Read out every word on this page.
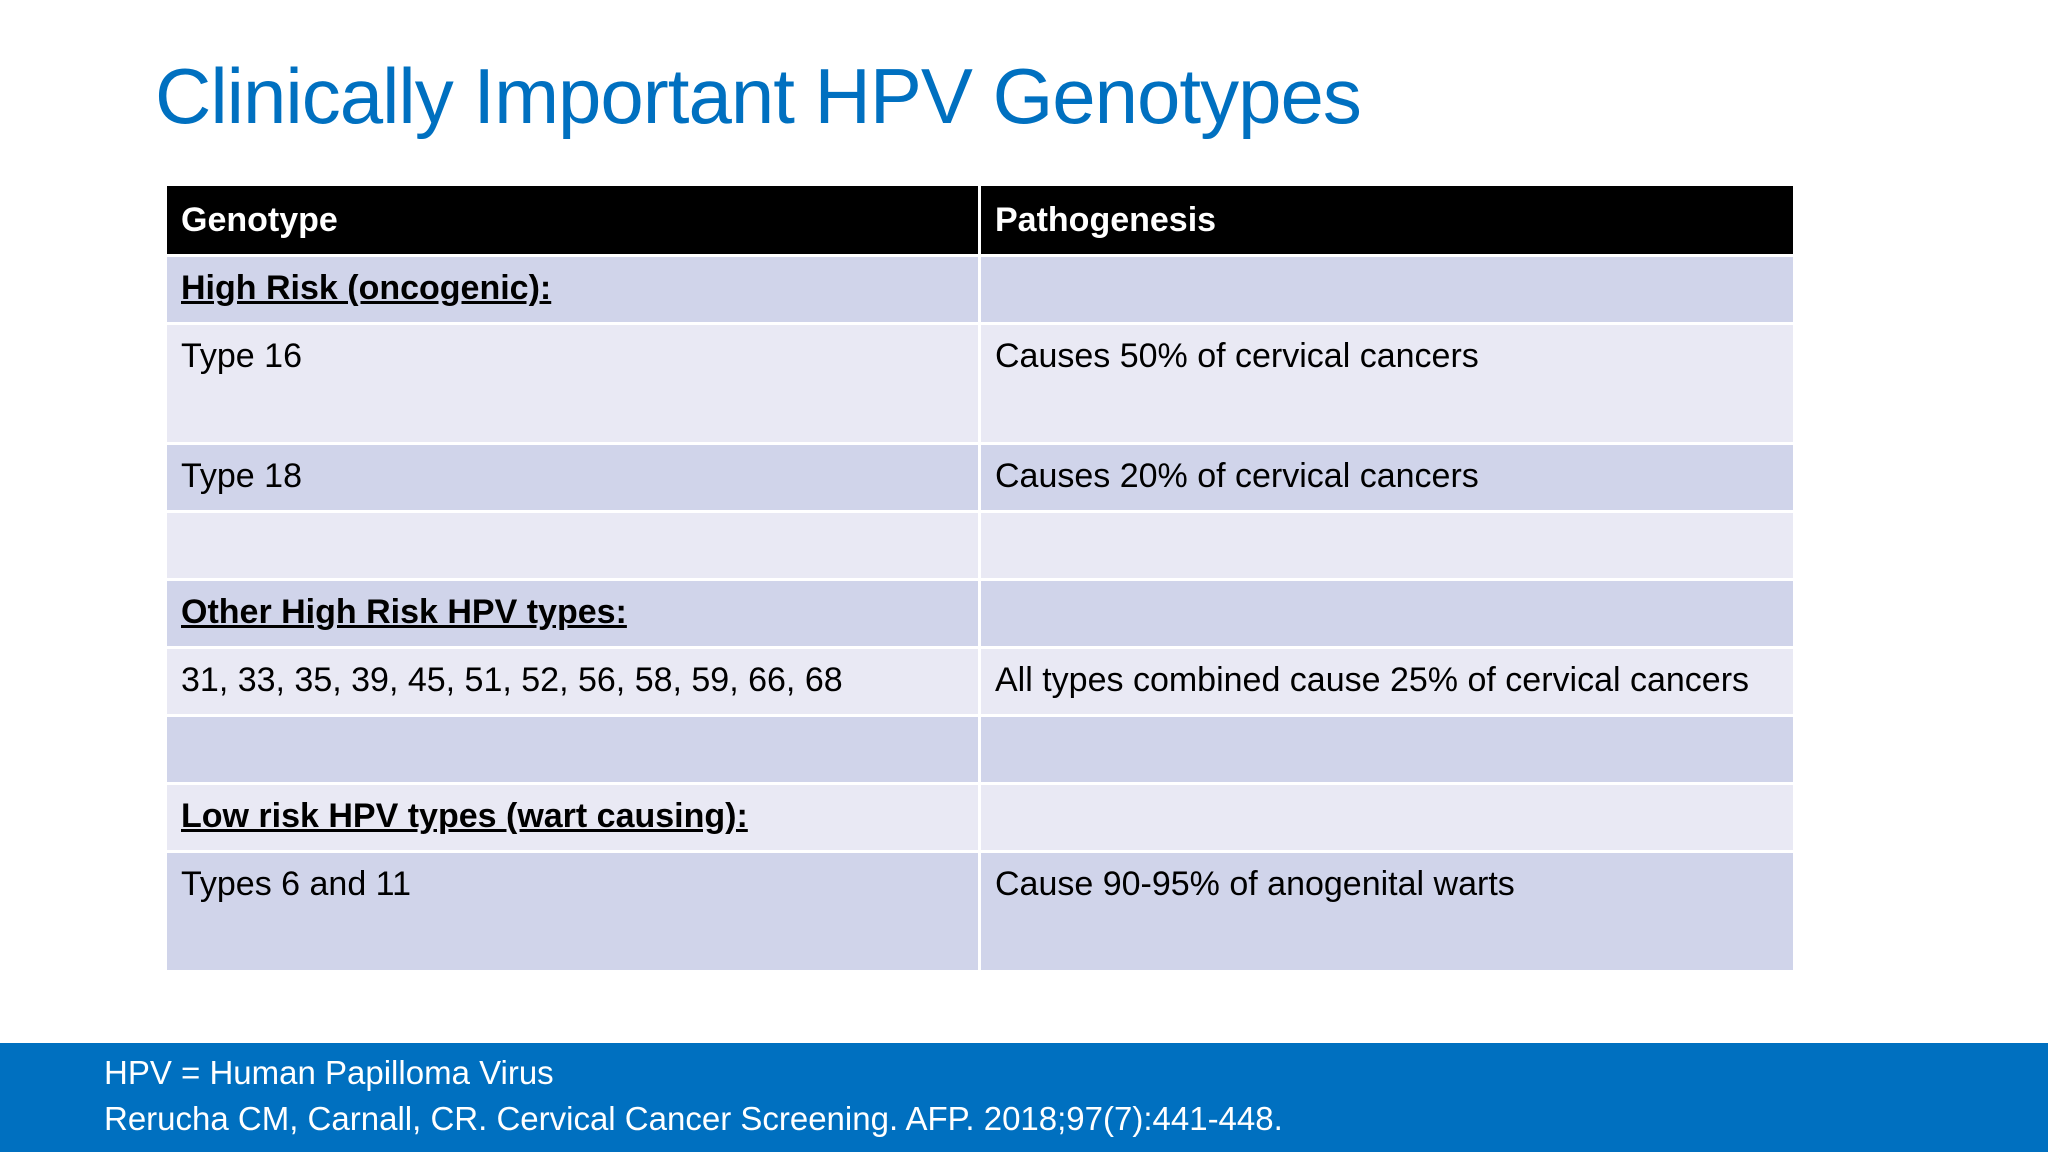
Clinically Important HPV Genotypes
Genotype	Pathogenesis

High Risk (oncogenic):	

Type 16	Causes 50% of cervical cancers

Type 18	Causes 20% of cervical cancers

Other High Risk HPV types:	

31, 33, 35, 39, 45, 51, 52, 56, 58, 59, 66, 68	All types combined cause 25% of cervical cancers

Low risk HPV types (wart causing):	

Types 6 and 11	Cause 90-95% of anogenital warts
HPV = Human Papilloma Virus
Rerucha CM, Carnall, CR. Cervical Cancer Screening. AFP. 2018;97(7):441-448.
